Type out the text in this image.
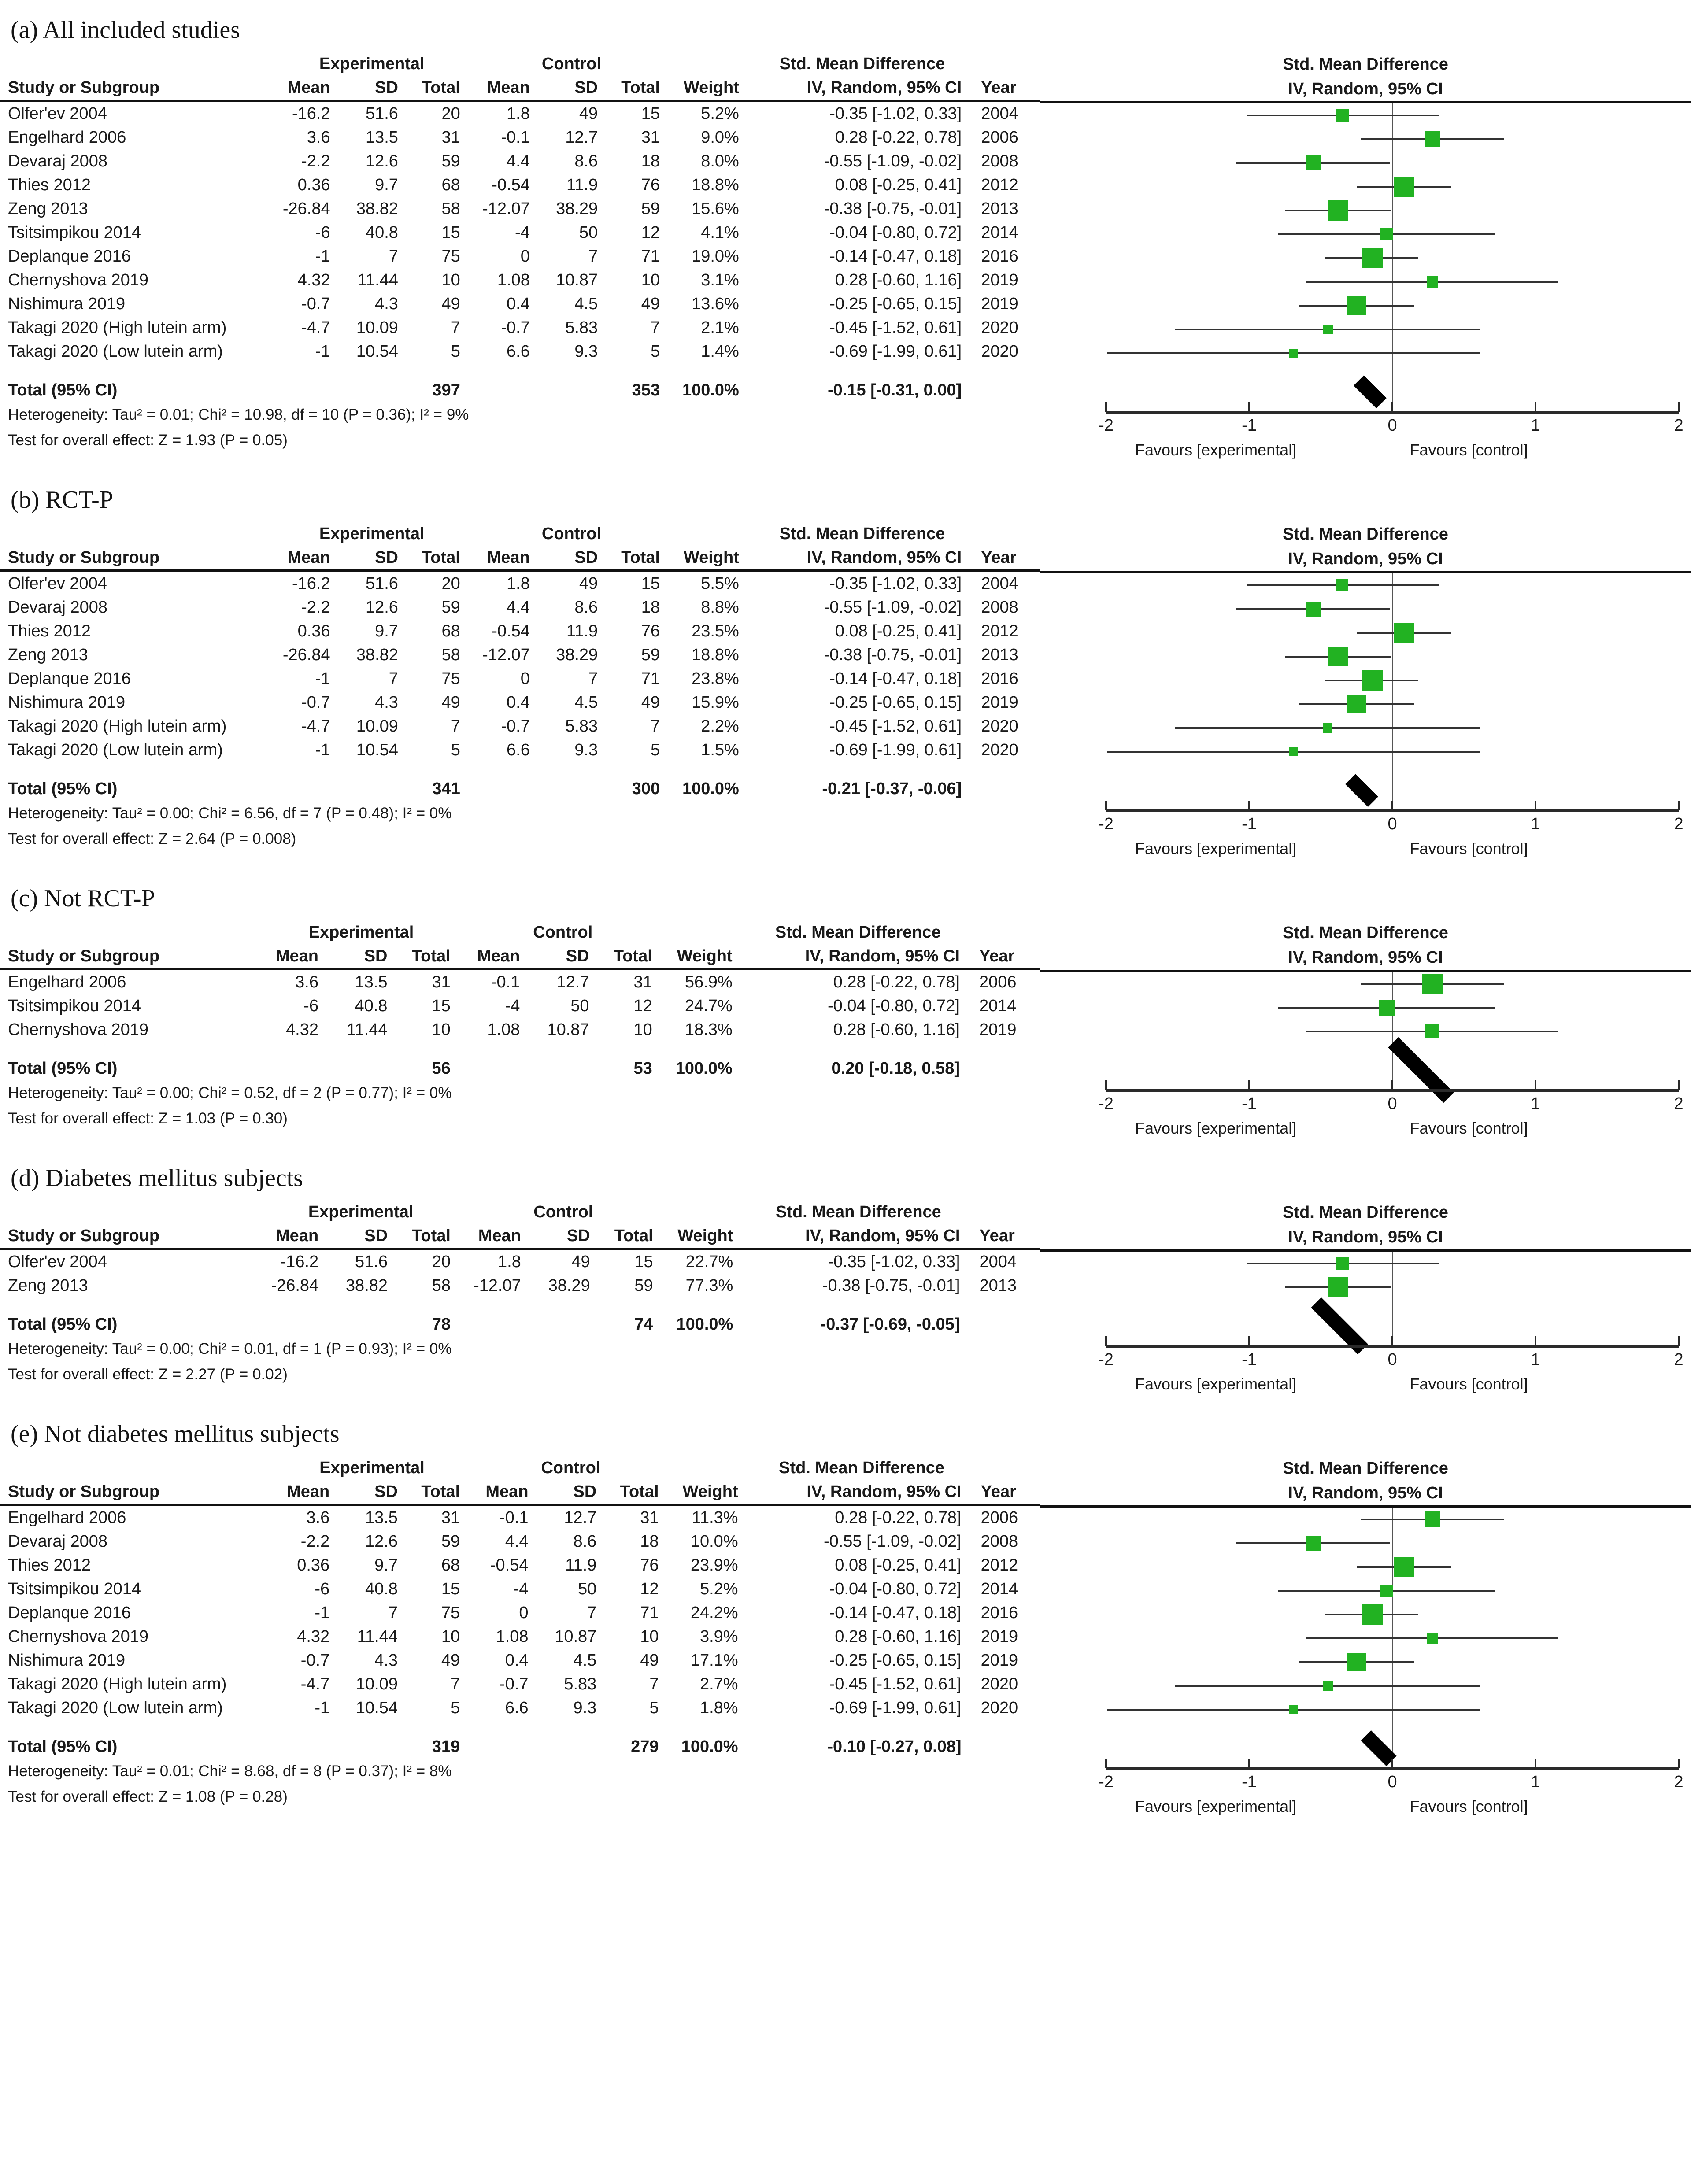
(a) All included studies
	Experimental			Control				Std. Mean Difference	
Study or Subgroup	Mean	SD	Total	Mean	SD	Total	Weight	IV, Random, 95% CI	Year
Olfer'ev 2004	-16.2	51.6	20	1.8	49	15	5.2%	-0.35 [-1.02, 0.33]	2004
Engelhard 2006	3.6	13.5	31	-0.1	12.7	31	9.0%	0.28 [-0.22, 0.78]	2006
Devaraj 2008	-2.2	12.6	59	4.4	8.6	18	8.0%	-0.55 [-1.09, -0.02]	2008
Thies 2012	0.36	9.7	68	-0.54	11.9	76	18.8%	0.08 [-0.25, 0.41]	2012
Zeng 2013	-26.84	38.82	58	-12.07	38.29	59	15.6%	-0.38 [-0.75, -0.01]	2013
Tsitsimpikou 2014	-6	40.8	15	-4	50	12	4.1%	-0.04 [-0.80, 0.72]	2014
Deplanque 2016	-1	7	75	0	7	71	19.0%	-0.14 [-0.47, 0.18]	2016
Chernyshova 2019	4.32	11.44	10	1.08	10.87	10	3.1%	0.28 [-0.60, 1.16]	2019
Nishimura 2019	-0.7	4.3	49	0.4	4.5	49	13.6%	-0.25 [-0.65, 0.15]	2019
Takagi 2020 (High lutein arm)	-4.7	10.09	7	-0.7	5.83	7	2.1%	-0.45 [-1.52, 0.61]	2020
Takagi 2020 (Low lutein arm)	-1	10.54	5	6.6	9.3	5	1.4%	-0.69 [-1.99, 0.61]	2020

Total (95% CI)			397			353	100.0%	-0.15 [-0.31, 0.00]	
Heterogeneity: Tau² = 0.01; Chi² = 10.98, df = 10 (P = 0.36); I² = 9%
Test for overall effect: Z = 1.93 (P = 0.05)
Std. Mean Difference
IV, Random, 95% CI
-2	-1	0	1	2
Favours [experimental]	Favours [control]
(b) RCT-P
	Experimental			Control				Std. Mean Difference	
Study or Subgroup	Mean	SD	Total	Mean	SD	Total	Weight	IV, Random, 95% CI	Year
Olfer'ev 2004	-16.2	51.6	20	1.8	49	15	5.5%	-0.35 [-1.02, 0.33]	2004
Devaraj 2008	-2.2	12.6	59	4.4	8.6	18	8.8%	-0.55 [-1.09, -0.02]	2008
Thies 2012	0.36	9.7	68	-0.54	11.9	76	23.5%	0.08 [-0.25, 0.41]	2012
Zeng 2013	-26.84	38.82	58	-12.07	38.29	59	18.8%	-0.38 [-0.75, -0.01]	2013
Deplanque 2016	-1	7	75	0	7	71	23.8%	-0.14 [-0.47, 0.18]	2016
Nishimura 2019	-0.7	4.3	49	0.4	4.5	49	15.9%	-0.25 [-0.65, 0.15]	2019
Takagi 2020 (High lutein arm)	-4.7	10.09	7	-0.7	5.83	7	2.2%	-0.45 [-1.52, 0.61]	2020
Takagi 2020 (Low lutein arm)	-1	10.54	5	6.6	9.3	5	1.5%	-0.69 [-1.99, 0.61]	2020

Total (95% CI)			341			300	100.0%	-0.21 [-0.37, -0.06]	
Heterogeneity: Tau² = 0.00; Chi² = 6.56, df = 7 (P = 0.48); I² = 0%
Test for overall effect: Z = 2.64 (P = 0.008)
Std. Mean Difference
IV, Random, 95% CI
-2	-1	0	1	2
Favours [experimental]	Favours [control]
(c) Not RCT-P
	Experimental			Control				Std. Mean Difference	
Study or Subgroup	Mean	SD	Total	Mean	SD	Total	Weight	IV, Random, 95% CI	Year
Engelhard 2006	3.6	13.5	31	-0.1	12.7	31	56.9%	0.28 [-0.22, 0.78]	2006
Tsitsimpikou 2014	-6	40.8	15	-4	50	12	24.7%	-0.04 [-0.80, 0.72]	2014
Chernyshova 2019	4.32	11.44	10	1.08	10.87	10	18.3%	0.28 [-0.60, 1.16]	2019

Total (95% CI)			56			53	100.0%	0.20 [-0.18, 0.58]	
Heterogeneity: Tau² = 0.00; Chi² = 0.52, df = 2 (P = 0.77); I² = 0%
Test for overall effect: Z = 1.03 (P = 0.30)
Std. Mean Difference
IV, Random, 95% CI
-2	-1	0	1	2
Favours [experimental]	Favours [control]
(d) Diabetes mellitus subjects
	Experimental			Control				Std. Mean Difference	
Study or Subgroup	Mean	SD	Total	Mean	SD	Total	Weight	IV, Random, 95% CI	Year
Olfer'ev 2004	-16.2	51.6	20	1.8	49	15	22.7%	-0.35 [-1.02, 0.33]	2004
Zeng 2013	-26.84	38.82	58	-12.07	38.29	59	77.3%	-0.38 [-0.75, -0.01]	2013

Total (95% CI)			78			74	100.0%	-0.37 [-0.69, -0.05]	
Heterogeneity: Tau² = 0.00; Chi² = 0.01, df = 1 (P = 0.93); I² = 0%
Test for overall effect: Z = 2.27 (P = 0.02)
Std. Mean Difference
IV, Random, 95% CI
-2	-1	0	1	2
Favours [experimental]	Favours [control]
(e) Not diabetes mellitus subjects
	Experimental			Control				Std. Mean Difference	
Study or Subgroup	Mean	SD	Total	Mean	SD	Total	Weight	IV, Random, 95% CI	Year
Engelhard 2006	3.6	13.5	31	-0.1	12.7	31	11.3%	0.28 [-0.22, 0.78]	2006
Devaraj 2008	-2.2	12.6	59	4.4	8.6	18	10.0%	-0.55 [-1.09, -0.02]	2008
Thies 2012	0.36	9.7	68	-0.54	11.9	76	23.9%	0.08 [-0.25, 0.41]	2012
Tsitsimpikou 2014	-6	40.8	15	-4	50	12	5.2%	-0.04 [-0.80, 0.72]	2014
Deplanque 2016	-1	7	75	0	7	71	24.2%	-0.14 [-0.47, 0.18]	2016
Chernyshova 2019	4.32	11.44	10	1.08	10.87	10	3.9%	0.28 [-0.60, 1.16]	2019
Nishimura 2019	-0.7	4.3	49	0.4	4.5	49	17.1%	-0.25 [-0.65, 0.15]	2019
Takagi 2020 (High lutein arm)	-4.7	10.09	7	-0.7	5.83	7	2.7%	-0.45 [-1.52, 0.61]	2020
Takagi 2020 (Low lutein arm)	-1	10.54	5	6.6	9.3	5	1.8%	-0.69 [-1.99, 0.61]	2020

Total (95% CI)			319			279	100.0%	-0.10 [-0.27, 0.08]	
Heterogeneity: Tau² = 0.01; Chi² = 8.68, df = 8 (P = 0.37); I² = 8%
Test for overall effect: Z = 1.08 (P = 0.28)
Std. Mean Difference
IV, Random, 95% CI
-2	-1	0	1	2
Favours [experimental]	Favours [control]
